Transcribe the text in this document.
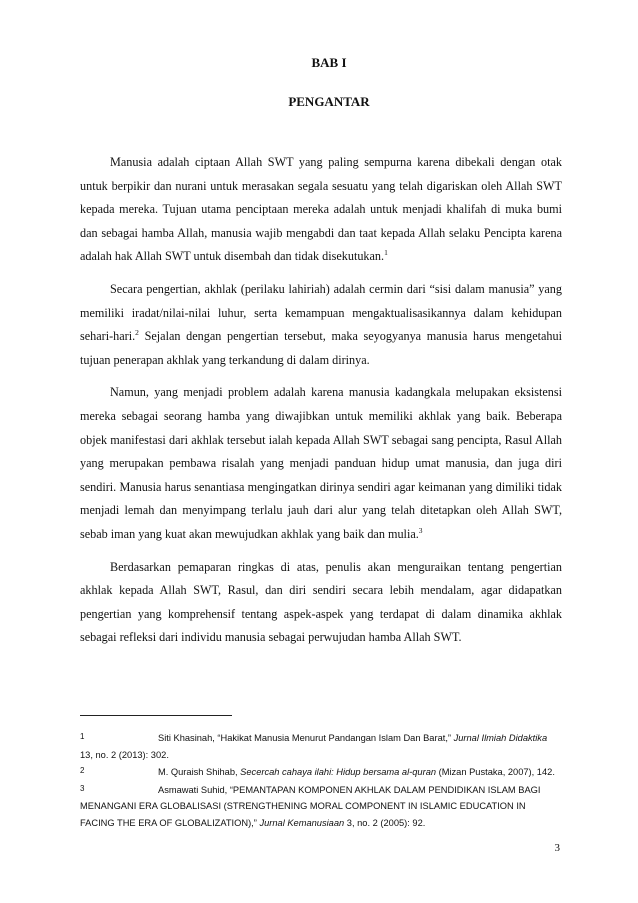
BAB I
PENGANTAR

Manusia adalah ciptaan Allah SWT yang paling sempurna karena dibekali dengan otak untuk berpikir dan nurani untuk merasakan segala sesuatu yang telah digariskan oleh Allah SWT kepada mereka. Tujuan utama penciptaan mereka adalah untuk menjadi khalifah di muka bumi dan sebagai hamba Allah, manusia wajib mengabdi dan taat kepada Allah selaku Pencipta karena adalah hak Allah SWT untuk disembah dan tidak disekutukan.$^1$

Secara pengertian, akhlak (perilaku lahiriah) adalah cermin dari “sisi dalam manusia” yang memiliki iradat/nilai-nilai luhur, serta kemampuan mengaktualisasikannya dalam kehidupan sehari-hari.$^2$ Sejalan dengan pengertian tersebut, maka seyogyanya manusia harus mengetahui tujuan penerapan akhlak yang terkandung di dalam dirinya.

Namun, yang menjadi problem adalah karena manusia kadangkala melupakan eksistensi mereka sebagai seorang hamba yang diwajibkan untuk memiliki akhlak yang baik. Beberapa objek manifestasi dari akhlak tersebut ialah kepada Allah SWT sebagai sang pencipta, Rasul Allah yang merupakan pembawa risalah yang menjadi panduan hidup umat manusia, dan juga diri sendiri. Manusia harus senantiasa mengingatkan dirinya sendiri agar keimanan yang dimiliki tidak menjadi lemah dan menyimpang terlalu jauh dari alur yang telah ditetapkan oleh Allah SWT, sebab iman yang kuat akan mewujudkan akhlak yang baik dan mulia.$^3$

Berdasarkan pemaparan ringkas di atas, penulis akan menguraikan tentang pengertian akhlak kepada Allah SWT, Rasul, dan diri sendiri secara lebih mendalam, agar didapatkan pengertian yang komprehensif tentang aspek-aspek yang terdapat di dalam dinamika akhlak sebagai refleksi dari individu manusia sebagai perwujudan hamba Allah SWT.

1	Siti Khasinah, “Hakikat Manusia Menurut Pandangan Islam Dan Barat,” Jurnal Ilmiah Didaktika 13, no. 2 (2013): 302.

2	M. Quraish Shihab, Secercah cahaya ilahi: Hidup bersama al-quran (Mizan Pustaka, 2007), 142.

3	Asmawati Suhid, “PEMANTAPAN KOMPONEN AKHLAK DALAM PENDIDIKAN ISLAM BAGI MENANGANI ERA GLOBALISASI (STRENGTHENING MORAL COMPONENT IN ISLAMIC EDUCATION IN FACING THE ERA OF GLOBALIZATION),” Jurnal Kemanusiaan 3, no. 2 (2005): 92.

3
